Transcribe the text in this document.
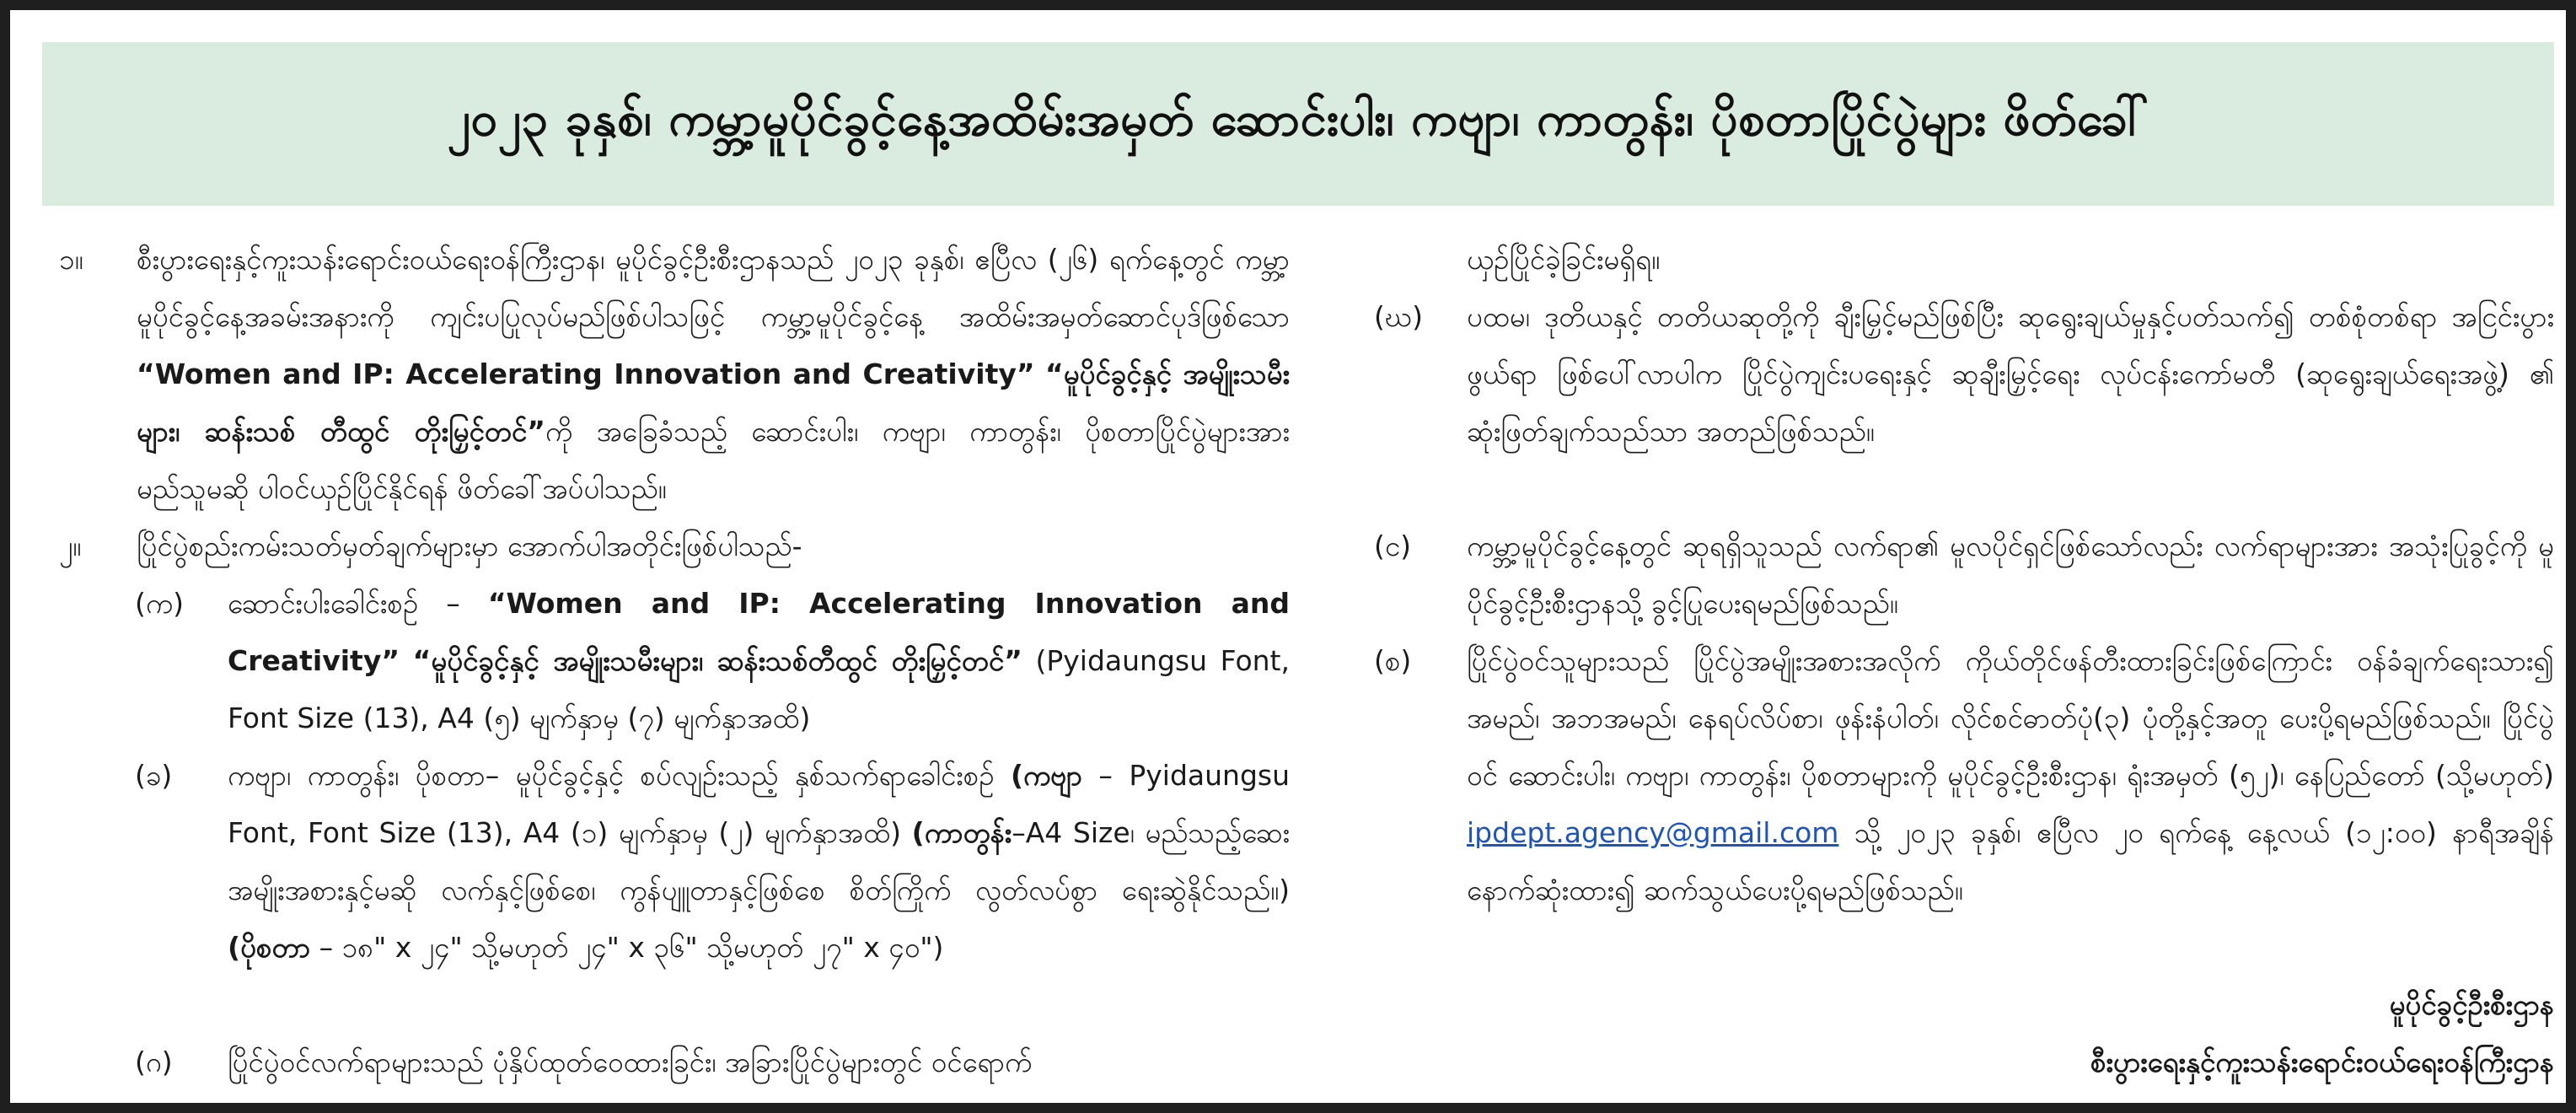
၂၀၂၃ ခုနှစ်၊ ကမ္ဘာ့မူပိုင်ခွင့်နေ့အထိမ်းအမှတ် ဆောင်းပါး၊ ကဗျာ၊ ကာတွန်း၊ ပိုစတာပြိုင်ပွဲများ ဖိတ်ခေါ်
၁။	စီးပွားရေးနှင့်ကူးသန်းရောင်းဝယ်ရေးဝန်ကြီးဌာန၊ မူပိုင်ခွင့်ဦးစီးဌာနသည် ၂၀၂၃ ခုနှစ်၊ ဧပြီလ (၂၆) ရက်နေ့တွင် ကမ္ဘာ့မူပိုင်ခွင့်နေ့အခမ်းအနားကို ကျင်းပပြုလုပ်မည်ဖြစ်ပါသဖြင့် ကမ္ဘာ့မူပိုင်ခွင့်နေ့ အထိမ်းအမှတ်ဆောင်ပုဒ်ဖြစ်သော “Women and IP: Accelerating Innovation and Creativity” “မူပိုင်ခွင့်နှင့် အမျိုးသမီးများ၊ ဆန်းသစ် တီထွင် တိုးမြှင့်တင်”ကို အခြေခံသည့် ဆောင်းပါး၊ ကဗျာ၊ ကာတွန်း၊ ပိုစတာပြိုင်ပွဲများအား မည်သူမဆို ပါဝင်ယှဉ်ပြိုင်နိုင်ရန် ဖိတ်ခေါ်အပ်ပါသည်။
၂။	ပြိုင်ပွဲစည်းကမ်းသတ်မှတ်ချက်များမှာ အောက်ပါအတိုင်းဖြစ်ပါသည်-
(က)	ဆောင်းပါးခေါင်းစဉ် – “Women and IP: Accelerating Innovation and Creativity” “မူပိုင်ခွင့်နှင့် အမျိုးသမီးများ၊ ဆန်းသစ်တီထွင် တိုးမြှင့်တင်” (Pyidaungsu Font, Font Size (13), A4 (၅) မျက်နှာမှ (၇) မျက်နှာအထိ)
(ခ)	ကဗျာ၊ ကာတွန်း၊ ပိုစတာ– မူပိုင်ခွင့်နှင့် စပ်လျဉ်းသည့် နှစ်သက်ရာခေါင်းစဉ် (ကဗျာ – Pyidaungsu Font, Font Size (13), A4 (၁) မျက်နှာမှ (၂) မျက်နှာအထိ) (ကာတွန်း–A4 Size၊ မည်သည့်ဆေးအမျိုးအစားနှင့်မဆို လက်နှင့်ဖြစ်စေ၊ ကွန်ပျူတာနှင့်ဖြစ်စေ စိတ်ကြိုက် လွတ်လပ်စွာ ရေးဆွဲနိုင်သည်။) (ပိုစတာ – ၁၈" x ၂၄" သို့မဟုတ် ၂၄" x ၃၆" သို့မဟုတ် ၂၇" x ၄၀")
(ဂ)	ပြိုင်ပွဲဝင်လက်ရာများသည် ပုံနှိပ်ထုတ်ဝေထားခြင်း၊ အခြားပြိုင်ပွဲများတွင် ဝင်ရောက်
ယှဉ်ပြိုင်ခဲ့ခြင်းမရှိရ။
(ဃ)	ပထမ၊ ဒုတိယနှင့် တတိယဆုတို့ကို ချီးမြှင့်မည်ဖြစ်ပြီး ဆုရွေးချယ်မှုနှင့်ပတ်သက်၍ တစ်စုံတစ်ရာ အငြင်းပွားဖွယ်ရာ ဖြစ်ပေါ်လာပါက ပြိုင်ပွဲကျင်းပရေးနှင့် ဆုချီးမြှင့်ရေး လုပ်ငန်းကော်မတီ (ဆုရွေးချယ်ရေးအဖွဲ့) ၏ ဆုံးဖြတ်ချက်သည်သာ အတည်ဖြစ်သည်။
(င)	ကမ္ဘာ့မူပိုင်ခွင့်နေ့တွင် ဆုရရှိသူသည် လက်ရာ၏ မူလပိုင်ရှင်ဖြစ်သော်လည်း လက်ရာများအား အသုံးပြုခွင့်ကို မူပိုင်ခွင့်ဦးစီးဌာနသို့ ခွင့်ပြုပေးရမည်ဖြစ်သည်။
(စ)	ပြိုင်ပွဲဝင်သူများသည် ပြိုင်ပွဲအမျိုးအစားအလိုက် ကိုယ်တိုင်ဖန်တီးထားခြင်းဖြစ်ကြောင်း ဝန်ခံချက်ရေးသား၍ အမည်၊ အဘအမည်၊ နေရပ်လိပ်စာ၊ ဖုန်းနံပါတ်၊ လိုင်စင်ဓာတ်ပုံ(၃) ပုံတို့နှင့်အတူ ပေးပို့ရမည်ဖြစ်သည်။ ပြိုင်ပွဲဝင် ဆောင်းပါး၊ ကဗျာ၊ ကာတွန်း၊ ပိုစတာများကို မူပိုင်ခွင့်ဦးစီးဌာန၊ ရုံးအမှတ် (၅၂)၊ နေပြည်တော် (သို့မဟုတ်) ipdept.agency@gmail.com သို့ ၂၀၂၃ ခုနှစ်၊ ဧပြီလ ၂၀ ရက်နေ့ နေ့လယ် (၁၂:၀၀) နာရီအချိန် နောက်ဆုံးထား၍ ဆက်သွယ်ပေးပို့ရမည်ဖြစ်သည်။
မူပိုင်ခွင့်ဦးစီးဌာန
စီးပွားရေးနှင့်ကူးသန်းရောင်းဝယ်ရေးဝန်ကြီးဌာန
